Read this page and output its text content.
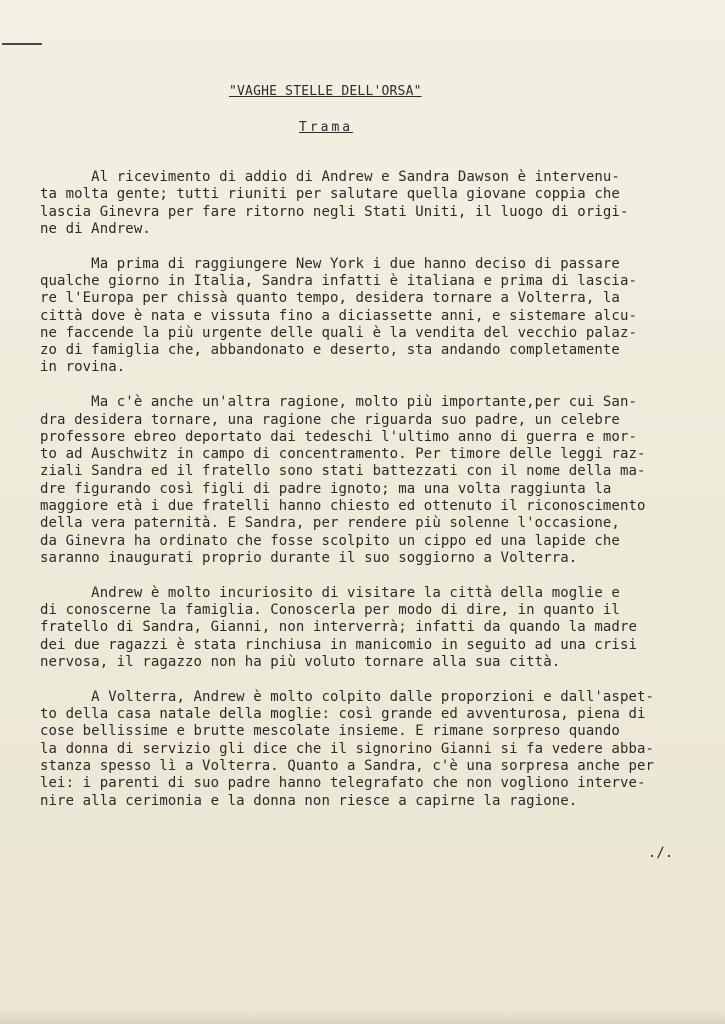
"VAGHE STELLE DELL'ORSA"
Trama
Al ricevimento di addio di Andrew e Sandra Dawson è intervenu-
ta molta gente; tutti riuniti per salutare quella giovane coppia che
lascia Ginevra per fare ritorno negli Stati Uniti, il luogo di origi-
ne di Andrew.
Ma prima di raggiungere New York i due hanno deciso di passare
qualche giorno in Italia, Sandra infatti è italiana e prima di lascia-
re l'Europa per chissà quanto tempo, desidera tornare a Volterra, la
città dove è nata e vissuta fino a diciassette anni, e sistemare alcu-
ne faccende la più urgente delle quali è la vendita del vecchio palaz-
zo di famiglia che, abbandonato e deserto, sta andando completamente
in rovina.
Ma c'è anche un'altra ragione, molto più importante,per cui San-
dra desidera tornare, una ragione che riguarda suo padre, un celebre
professore ebreo deportato dai tedeschi l'ultimo anno di guerra e mor-
to ad Auschwitz in campo di concentramento. Per timore delle leggi raz-
ziali Sandra ed il fratello sono stati battezzati con il nome della ma-
dre figurando così figli di padre ignoto; ma una volta raggiunta la
maggiore età i due fratelli hanno chiesto ed ottenuto il riconoscimento
della vera paternità. E Sandra, per rendere più solenne l'occasione,
da Ginevra ha ordinato che fosse scolpito un cippo ed una lapide che
saranno inaugurati proprio durante il suo soggiorno a Volterra.
Andrew è molto incuriosito di visitare la città della moglie e
di conoscerne la famiglia. Conoscerla per modo di dire, in quanto il
fratello di Sandra, Gianni, non interverrà; infatti da quando la madre
dei due ragazzi è stata rinchiusa in manicomio in seguito ad una crisi
nervosa, il ragazzo non ha più voluto tornare alla sua città.
A Volterra, Andrew è molto colpito dalle proporzioni e dall'aspet-
to della casa natale della moglie: così grande ed avventurosa, piena di
cose bellissime e brutte mescolate insieme. E rimane sorpreso quando
la donna di servizio gli dice che il signorino Gianni si fa vedere abba-
stanza spesso lì a Volterra. Quanto a Sandra, c'è una sorpresa anche per
lei: i parenti di suo padre hanno telegrafato che non vogliono interve-
nire alla cerimonia e la donna non riesce a capirne la ragione.
./.
